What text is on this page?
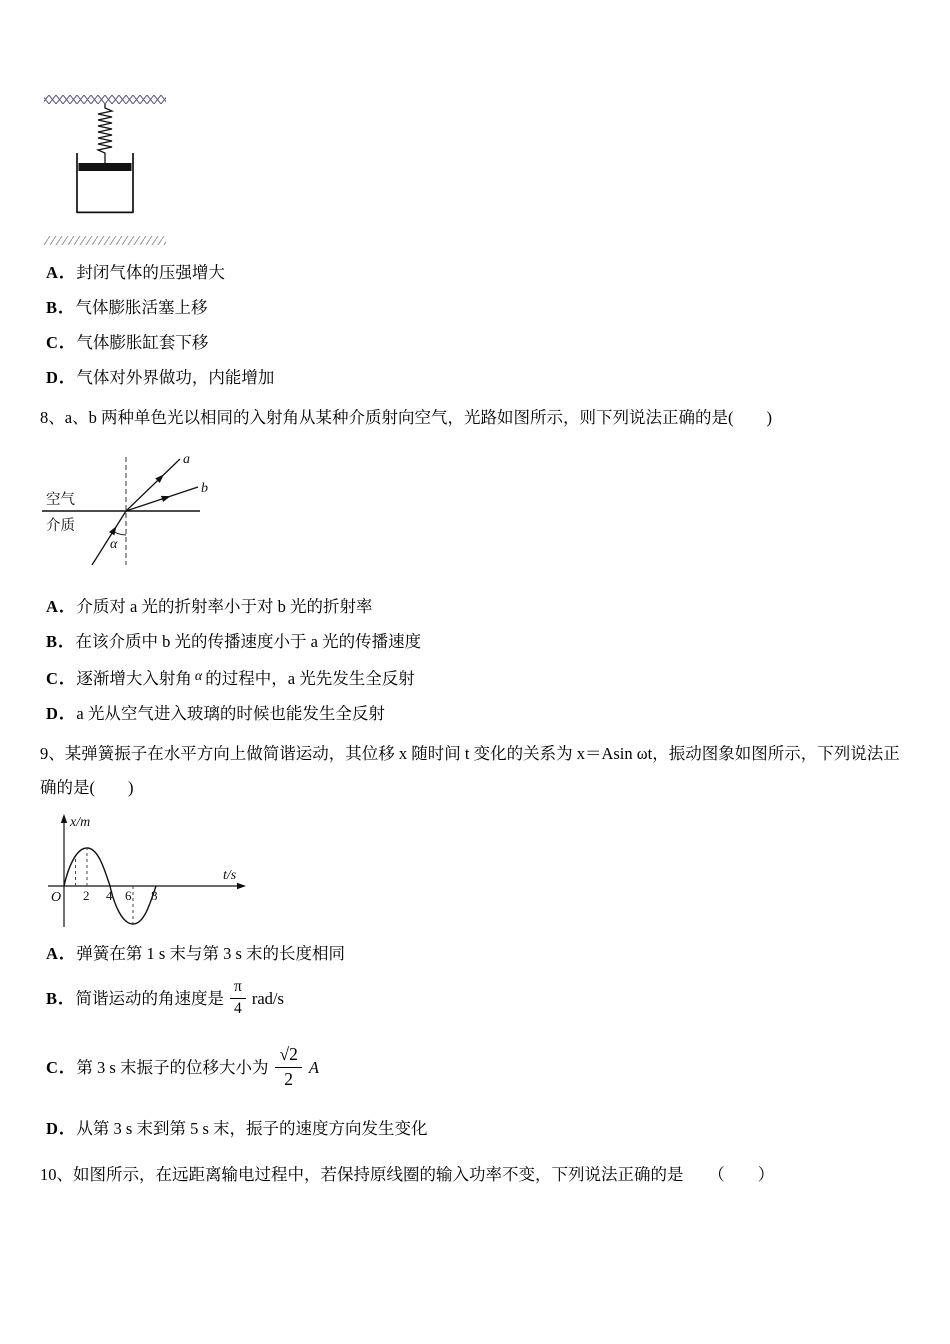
A．封闭气体的压强增大
B．气体膨胀活塞上移
C．气体膨胀缸套下移
D．气体对外界做功，内能增加

8、a、b 两种单色光以相同的入射角从某种介质射向空气，光路如图所示，则下列说法正确的是(        )

空气
介质
a
b
α
A．介质对 a 光的折射率小于对 b 光的折射率
B．在该介质中 b 光的传播速度小于 a 光的传播速度
C．逐渐增大入射角 $^\alpha$ 的过程中，a 光先发生全反射
D．a 光从空气进入玻璃的时候也能发生全反射

9、某弹簧振子在水平方向上做简谐运动，其位移 x 随时间 t 变化的关系为 x＝Asin ωt，振动图象如图所示，下列说法正确的是(        )

x/m
t/s
O 2 4 6 8
A．弹簧在第 1 s 末与第 3 s 末的长度相同
B． 简谐运动的角速度是 $\frac{\pi}{4} rad/s$
C． 第 3 s 末振子的位移大小为 $\frac{√2}{2}$ A
D．从第 3 s 末到第 5 s 末，振子的速度方向发生变化

10、如图所示，在远距离输电过程中，若保持原线圈的输入功率不变，下列说法正确的是　　（　　）
